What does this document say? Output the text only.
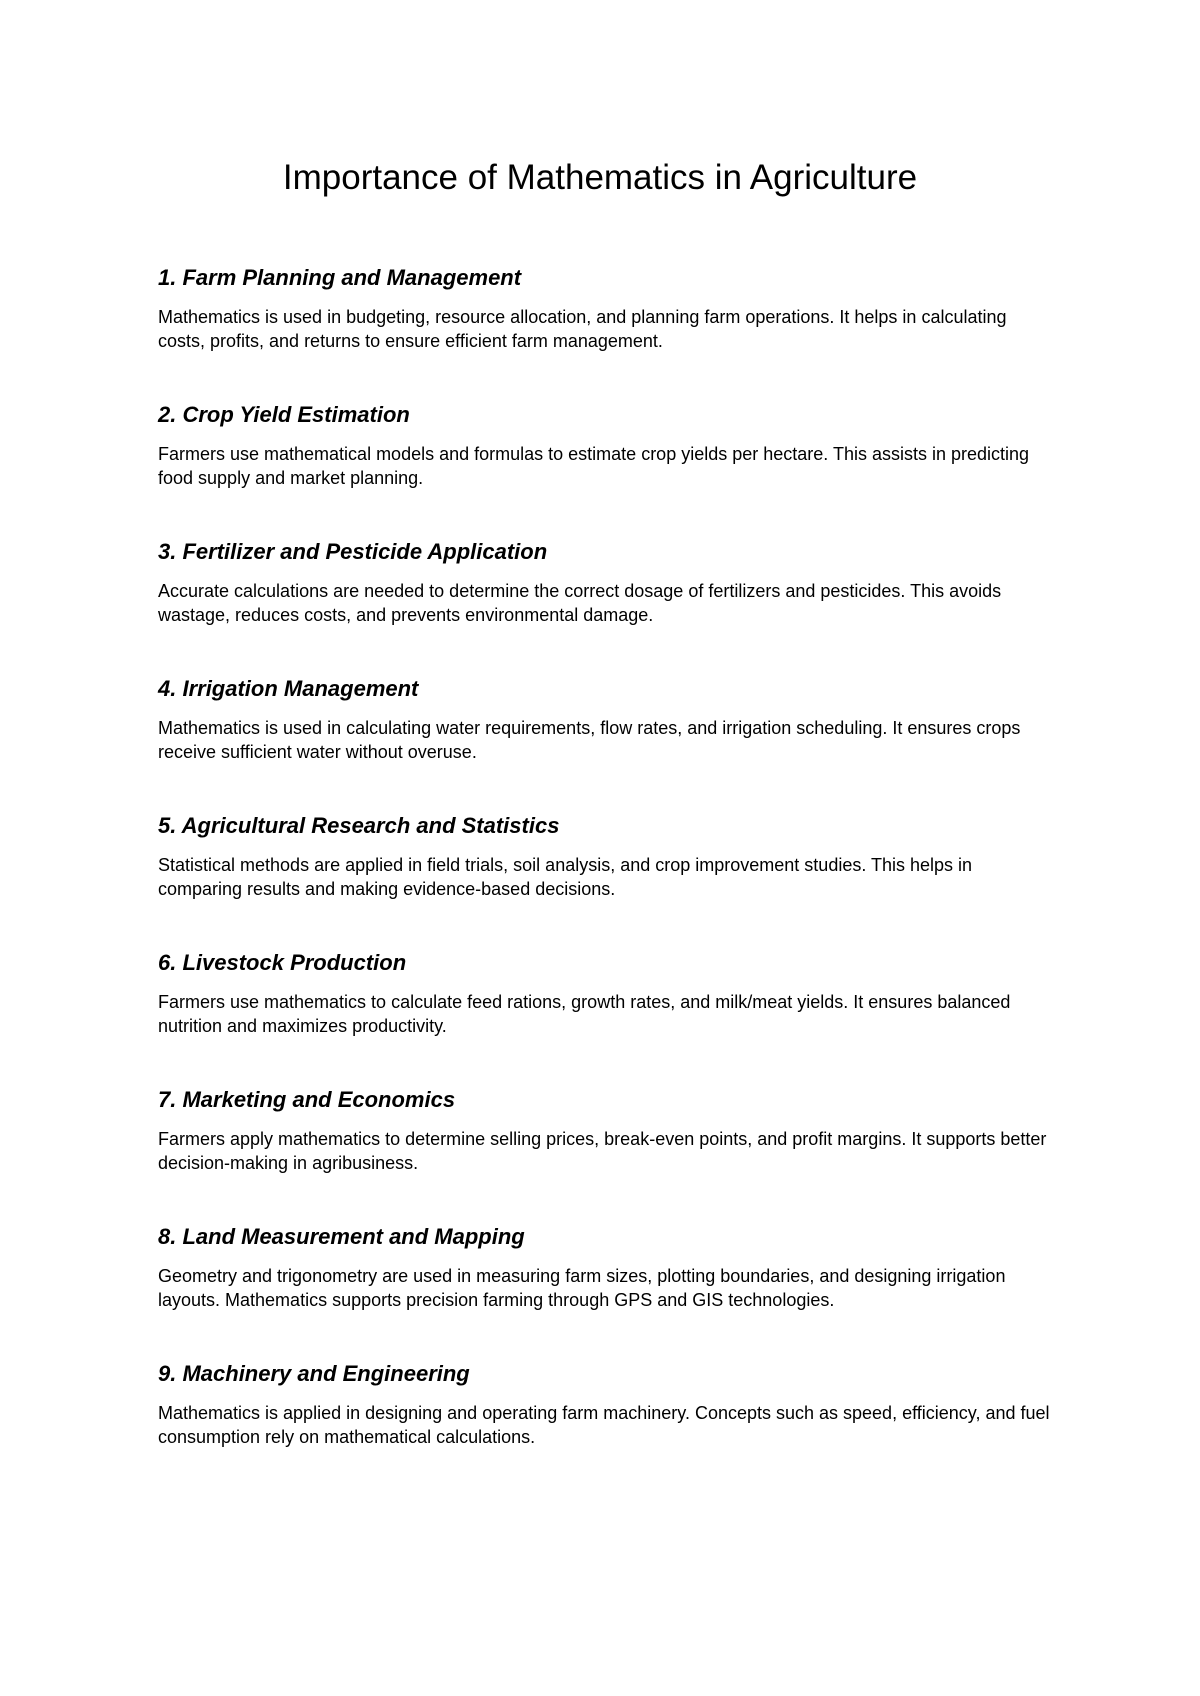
Importance of Mathematics in Agriculture
1. Farm Planning and Management

Mathematics is used in budgeting, resource allocation, and planning farm operations. It helps in calculating costs, profits, and returns to ensure efficient farm management.

2. Crop Yield Estimation

Farmers use mathematical models and formulas to estimate crop yields per hectare. This assists in predicting food supply and market planning.

3. Fertilizer and Pesticide Application

Accurate calculations are needed to determine the correct dosage of fertilizers and pesticides. This avoids wastage, reduces costs, and prevents environmental damage.

4. Irrigation Management

Mathematics is used in calculating water requirements, flow rates, and irrigation scheduling. It ensures crops receive sufficient water without overuse.

5. Agricultural Research and Statistics

Statistical methods are applied in field trials, soil analysis, and crop improvement studies. This helps in comparing results and making evidence-based decisions.

6. Livestock Production

Farmers use mathematics to calculate feed rations, growth rates, and milk/meat yields. It ensures balanced nutrition and maximizes productivity.

7. Marketing and Economics

Farmers apply mathematics to determine selling prices, break-even points, and profit margins. It supports better decision-making in agribusiness.

8. Land Measurement and Mapping

Geometry and trigonometry are used in measuring farm sizes, plotting boundaries, and designing irrigation layouts. Mathematics supports precision farming through GPS and GIS technologies.

9. Machinery and Engineering

Mathematics is applied in designing and operating farm machinery. Concepts such as speed, efficiency, and fuel consumption rely on mathematical calculations.
